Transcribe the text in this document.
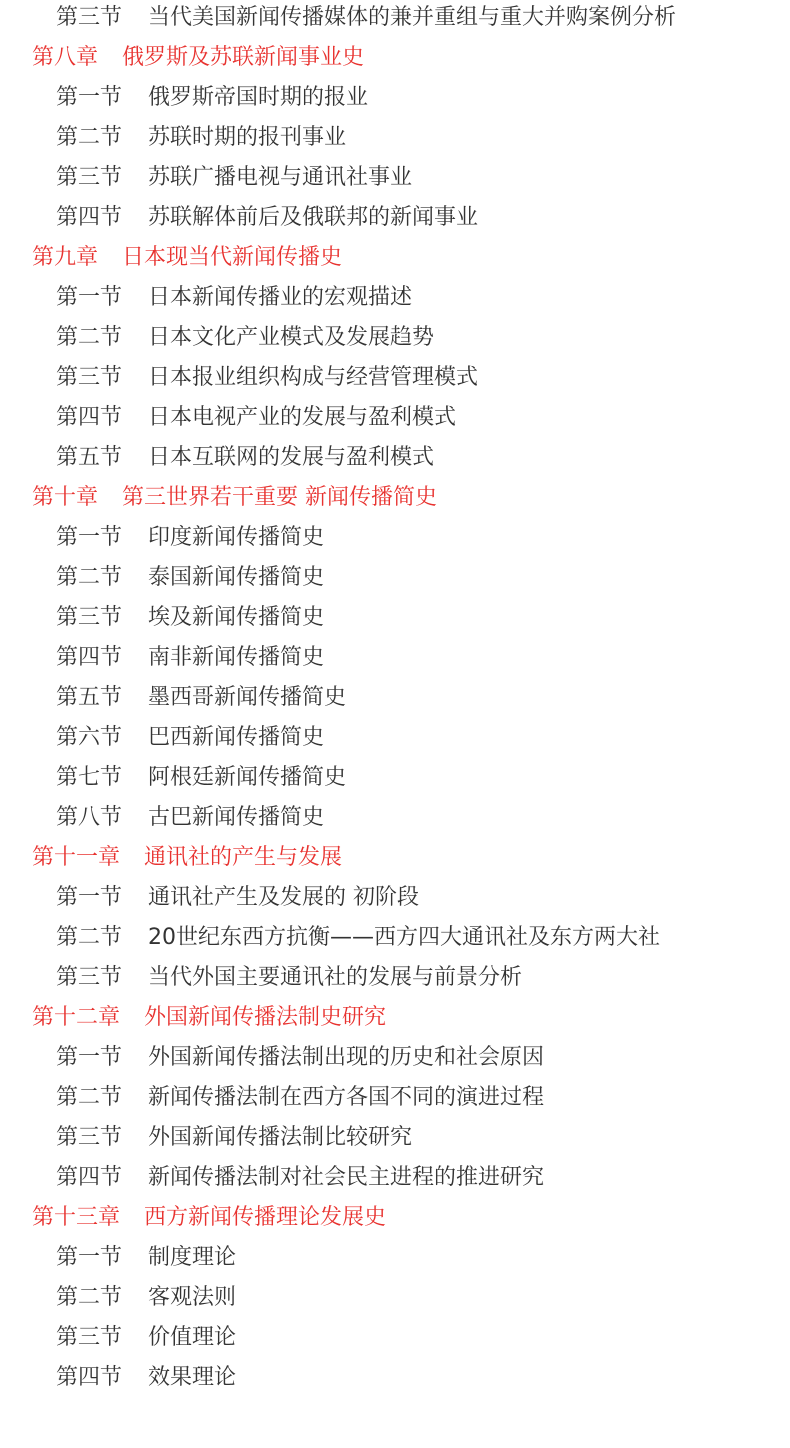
第三节 当代美国新闻传播媒体的兼并重组与重大并购案例分析
第八章 俄罗斯及苏联新闻事业史
第一节 俄罗斯帝国时期的报业
第二节 苏联时期的报刊事业
第三节 苏联广播电视与通讯社事业
第四节 苏联解体前后及俄联邦的新闻事业
第九章 日本现当代新闻传播史
第一节 日本新闻传播业的宏观描述
第二节 日本文化产业模式及发展趋势
第三节 日本报业组织构成与经营管理模式
第四节 日本电视产业的发展与盈利模式
第五节 日本互联网的发展与盈利模式
第十章 第三世界若干重要 新闻传播简史
第一节 印度新闻传播简史
第二节 泰国新闻传播简史
第三节 埃及新闻传播简史
第四节 南非新闻传播简史
第五节 墨西哥新闻传播简史
第六节 巴西新闻传播简史
第七节 阿根廷新闻传播简史
第八节 古巴新闻传播简史
第十一章 通讯社的产生与发展
第一节 通讯社产生及发展的 初阶段
第二节 20世纪东西方抗衡——西方四大通讯社及东方两大社
第三节 当代外国主要通讯社的发展与前景分析
第十二章 外国新闻传播法制史研究
第一节 外国新闻传播法制出现的历史和社会原因
第二节 新闻传播法制在西方各国不同的演进过程
第三节 外国新闻传播法制比较研究
第四节 新闻传播法制对社会民主进程的推进研究
第十三章 西方新闻传播理论发展史
第一节 制度理论
第二节 客观法则
第三节 价值理论
第四节 效果理论
